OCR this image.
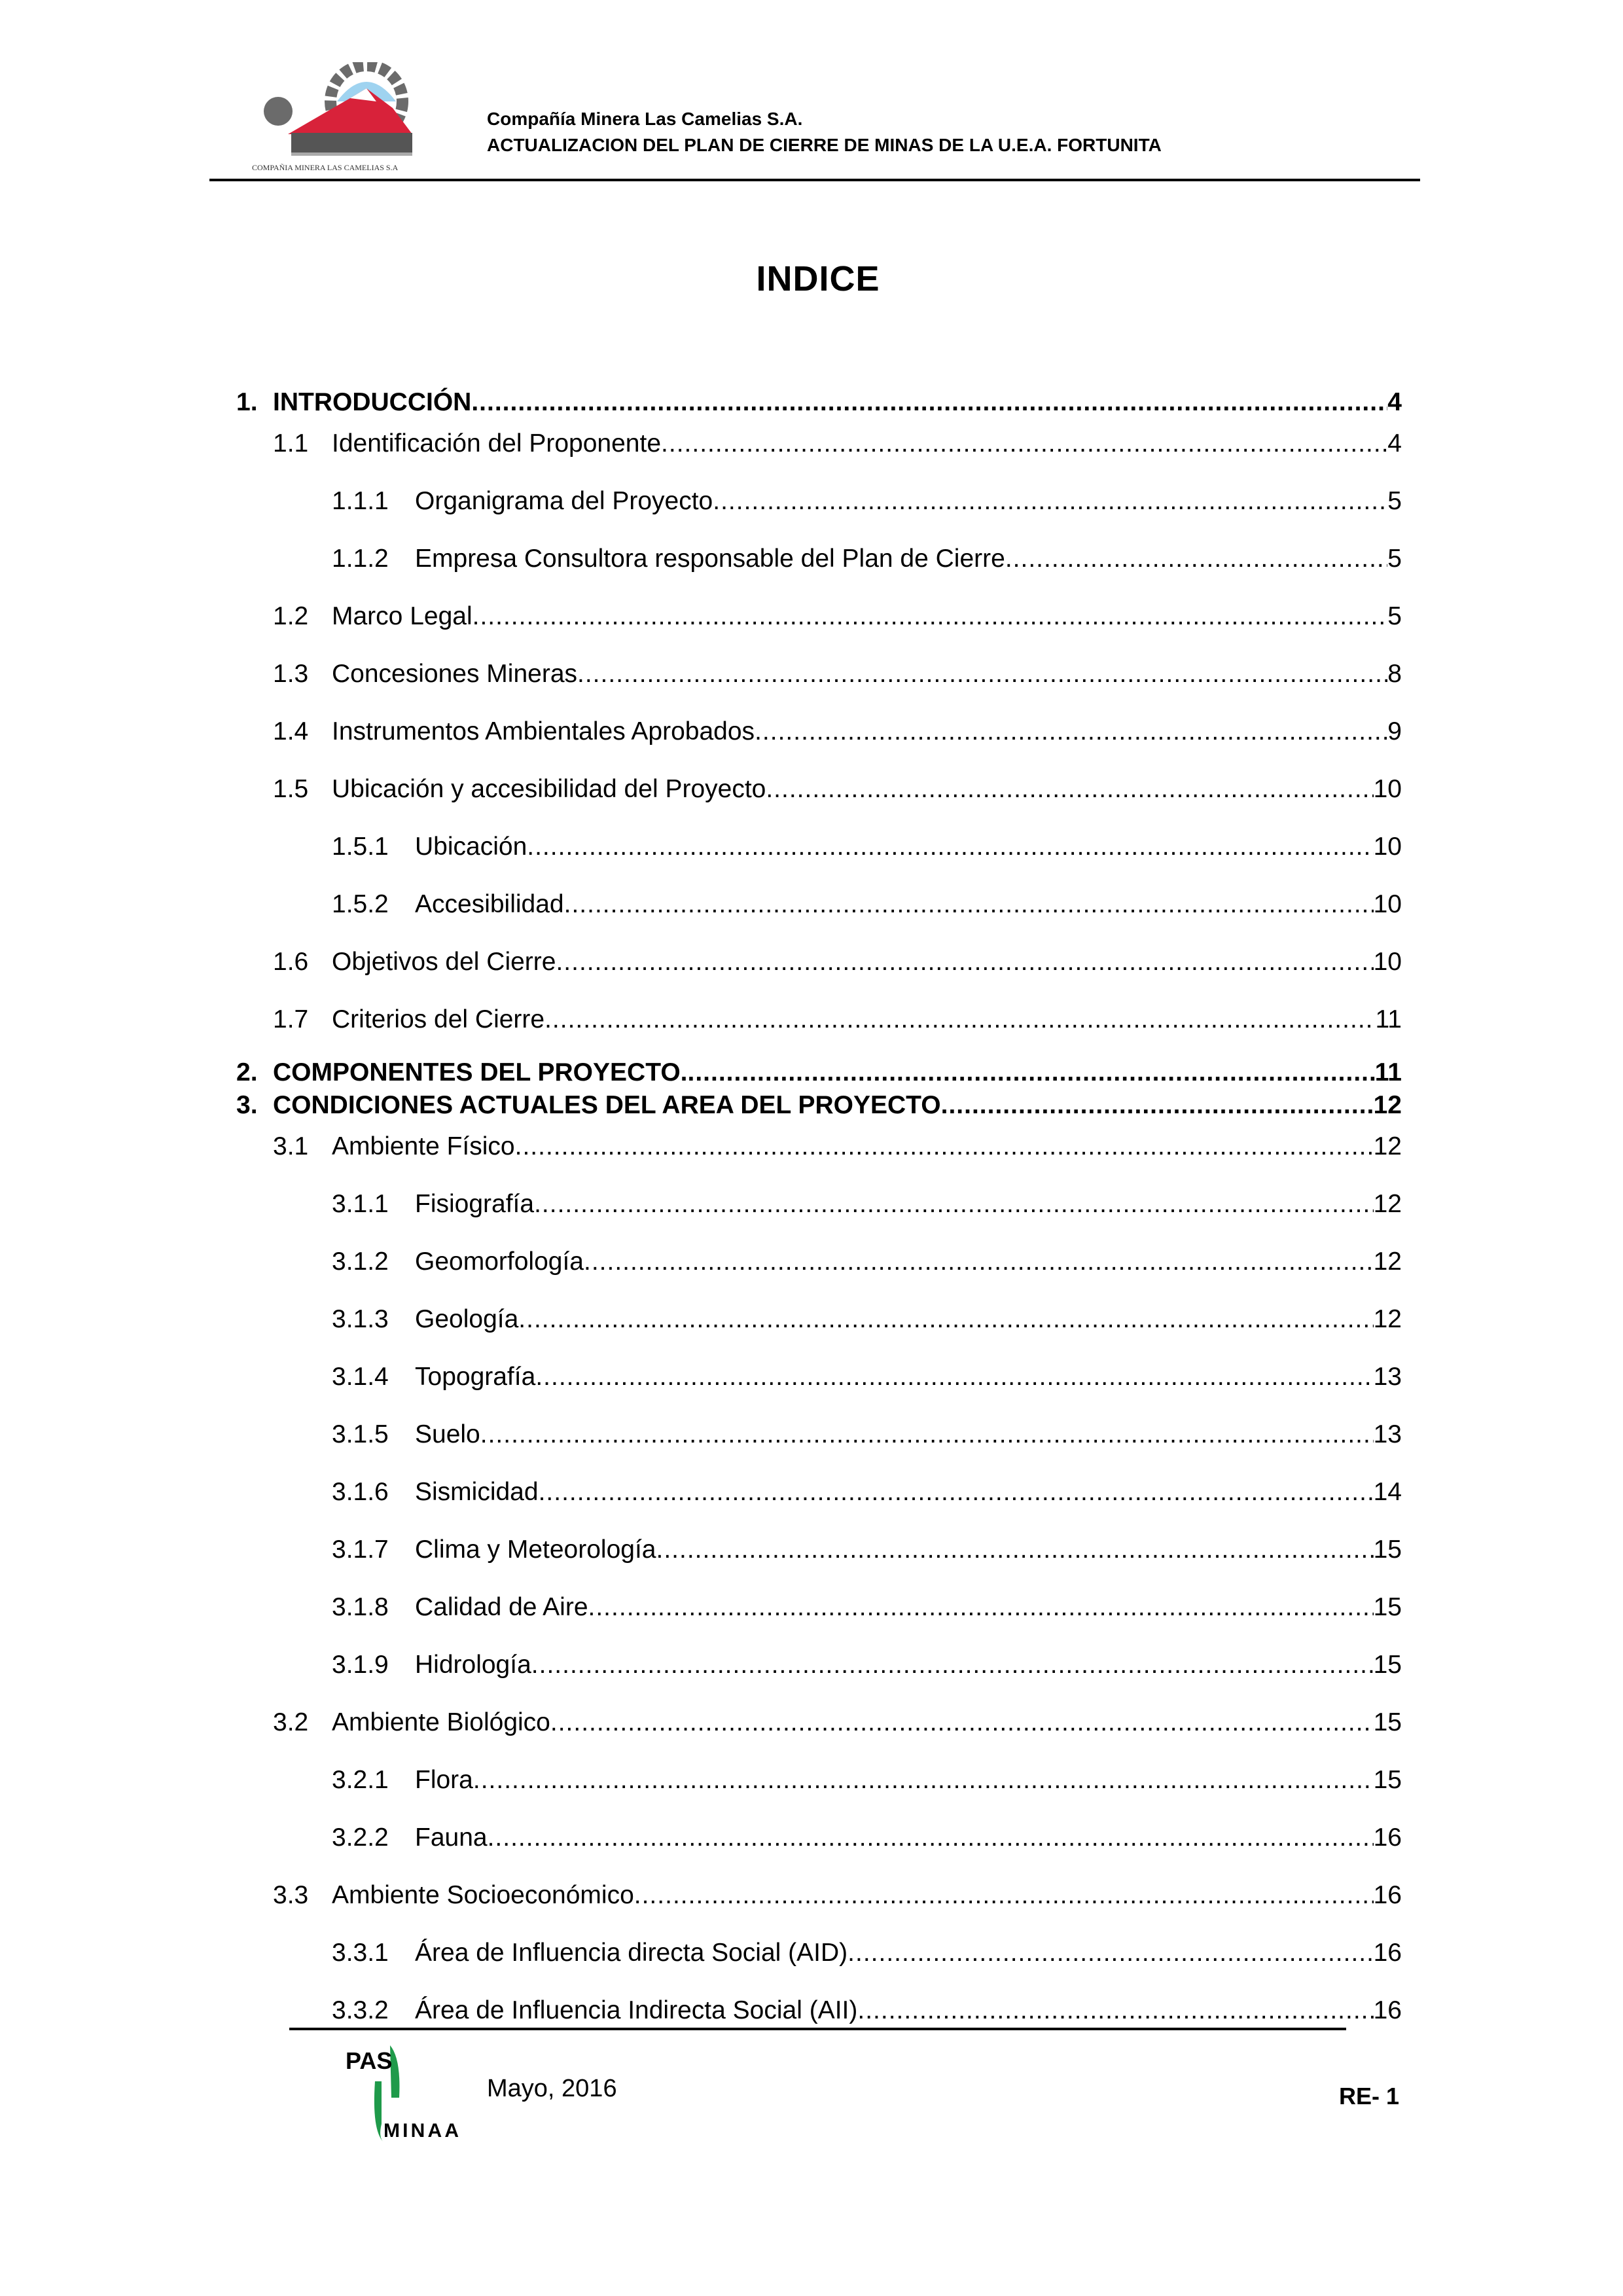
COMPAÑIA MINERA LAS CAMELIAS S.A
Compañía Minera Las Camelias S.A.
ACTUALIZACION DEL PLAN DE CIERRE DE MINAS DE LA U.E.A. FORTUNITA
INDICE
1. INTRODUCCIÓN .....	4
1.1 Identificación del Proponente .....	4
1.1.1 Organigrama del Proyecto .....	5
1.1.2 Empresa Consultora responsable del Plan de Cierre .....	5
1.2 Marco Legal .....	5
1.3 Concesiones Mineras .....	8
1.4 Instrumentos Ambientales Aprobados .....	9
1.5 Ubicación y accesibilidad del Proyecto .....	10
1.5.1 Ubicación .....	10
1.5.2 Accesibilidad .....	10
1.6 Objetivos del Cierre .....	10
1.7 Criterios del Cierre .....	11
2. COMPONENTES DEL PROYECTO. .....	11
3. CONDICIONES ACTUALES DEL AREA DEL PROYECTO .....	12
3.1 Ambiente Físico .....	12
3.1.1 Fisiografía .....	12
3.1.2 Geomorfología .....	12
3.1.3 Geología .....	12
3.1.4 Topografía .....	13
3.1.5 Suelo .....	13
3.1.6 Sismicidad .....	14
3.1.7 Clima y Meteorología .....	15
3.1.8 Calidad de Aire .....	15
3.1.9 Hidrología .....	15
3.2 Ambiente Biológico .....	15
3.2.1 Flora .....	15
3.2.2 Fauna .....	16
3.3 Ambiente Socioeconómico .....	16
3.3.1 Área de Influencia directa Social (AID) .....	16
3.3.2 Área de Influencia Indirecta Social (AII) .....	16
PAS
MINAA
Mayo, 2016	RE- 1
